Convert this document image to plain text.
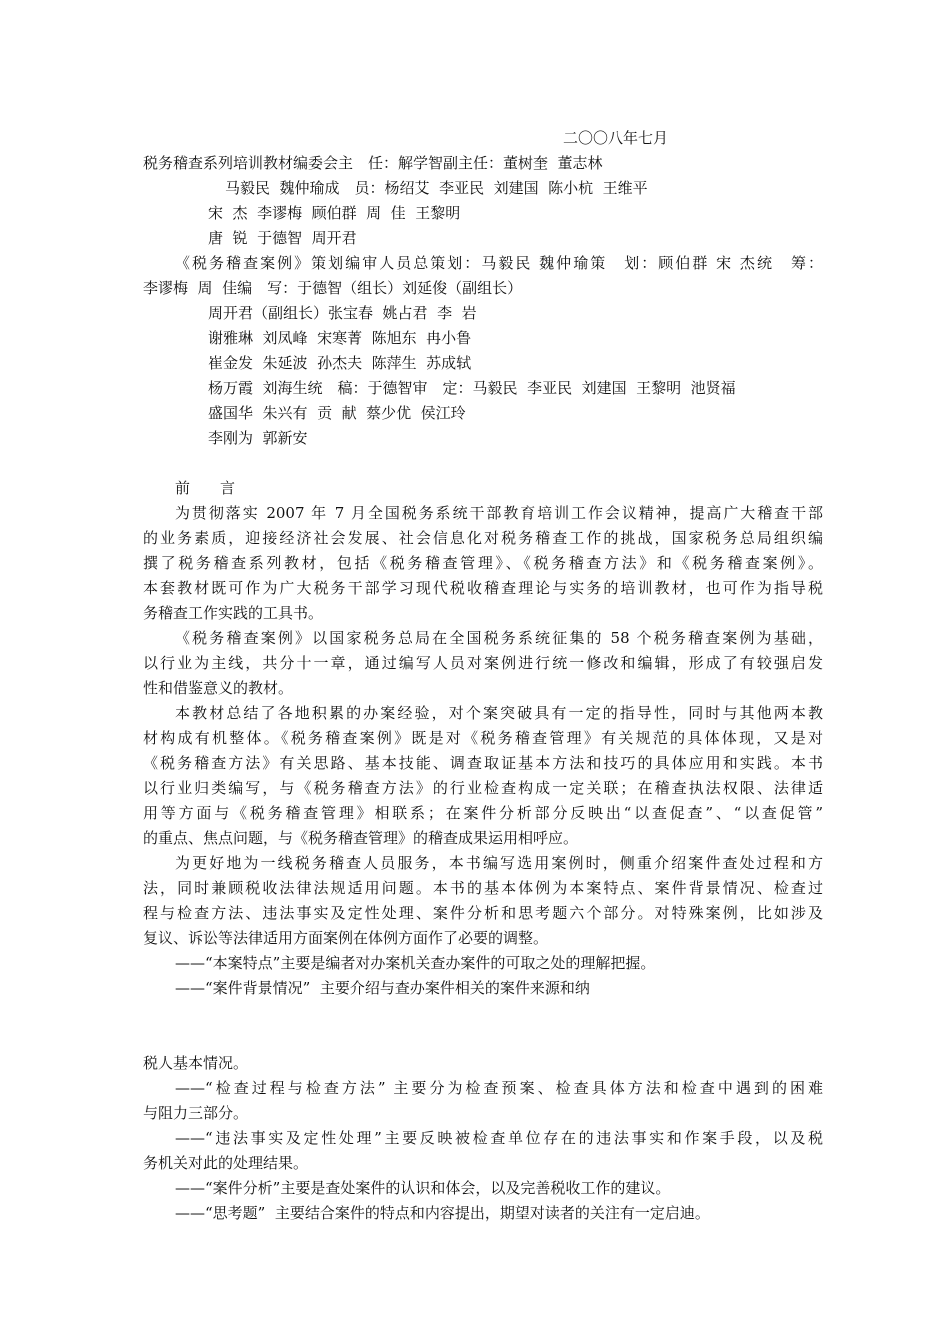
二〇〇八年七月
税务稽查系列培训教材编委会主　任：解学智副主任：董树奎  董志林
马毅民  魏仲瑜成　员：杨绍艾  李亚民  刘建国  陈小杭  王维平
宋  杰  李谬梅  顾伯群  周  佳  王黎明
唐  锐  于德智  周开君
《税务稽查案例》策划编审人员总策划：马毅民 魏仲瑜策　划：顾伯群 宋 杰统　筹：
李谬梅  周  佳编　写：于德智（组长）刘延俊（副组长）
周开君（副组长）张宝春  姚占君  李  岩
谢雅琳  刘凤峰  宋寒菁  陈旭东  冉小鲁
崔金发  朱延波  孙杰夫  陈萍生  苏成轼
杨万霞  刘海生统　稿：于德智审　定：马毅民  李亚民  刘建国  王黎明  池贤福
盛国华  朱兴有  贡  献  蔡少优  侯江玲
李刚为  郭新安
前　　言
为贯彻落实 2007 年 7 月全国税务系统干部教育培训工作会议精神，提高广大稽查干部
的业务素质，迎接经济社会发展、社会信息化对税务稽查工作的挑战，国家税务总局组织编
撰了税务稽查系列教材，包括《税务稽查管理》、《税务稽查方法》和《税务稽查案例》。
本套教材既可作为广大税务干部学习现代税收稽查理论与实务的培训教材，也可作为指导税
务稽查工作实践的工具书。
《税务稽查案例》以国家税务总局在全国税务系统征集的 58 个税务稽查案例为基础，
以行业为主线，共分十一章，通过编写人员对案例进行统一修改和编辑，形成了有较强启发
性和借鉴意义的教材。
本教材总结了各地积累的办案经验，对个案突破具有一定的指导性，同时与其他两本教
材构成有机整体。《税务稽查案例》既是对《税务稽查管理》有关规范的具体体现，又是对
《税务稽查方法》有关思路、基本技能、调查取证基本方法和技巧的具体应用和实践。本书
以行业归类编写，与《税务稽查方法》的行业检查构成一定关联；在稽查执法权限、法律适
用等方面与《税务稽查管理》相联系；在案件分析部分反映出“以查促查”、“以查促管”
的重点、焦点问题，与《税务稽查管理》的稽查成果运用相呼应。
为更好地为一线税务稽查人员服务，本书编写选用案例时，侧重介绍案件查处过程和方
法，同时兼顾税收法律法规适用问题。本书的基本体例为本案特点、案件背景情况、检查过
程与检查方法、违法事实及定性处理、案件分析和思考题六个部分。对特殊案例，比如涉及
复议、诉讼等法律适用方面案例在体例方面作了必要的调整。
——“本案特点”主要是编者对办案机关查办案件的可取之处的理解把握。
——“案件背景情况”  主要介绍与查办案件相关的案件来源和纳
税人基本情况。
——“检查过程与检查方法” 主要分为检查预案、检查具体方法和检查中遇到的困难
与阻力三部分。
——“违法事实及定性处理”主要反映被检查单位存在的违法事实和作案手段，以及税
务机关对此的处理结果。
——“案件分析”主要是查处案件的认识和体会，以及完善税收工作的建议。
——“思考题”  主要结合案件的特点和内容提出，期望对读者的关注有一定启迪。
